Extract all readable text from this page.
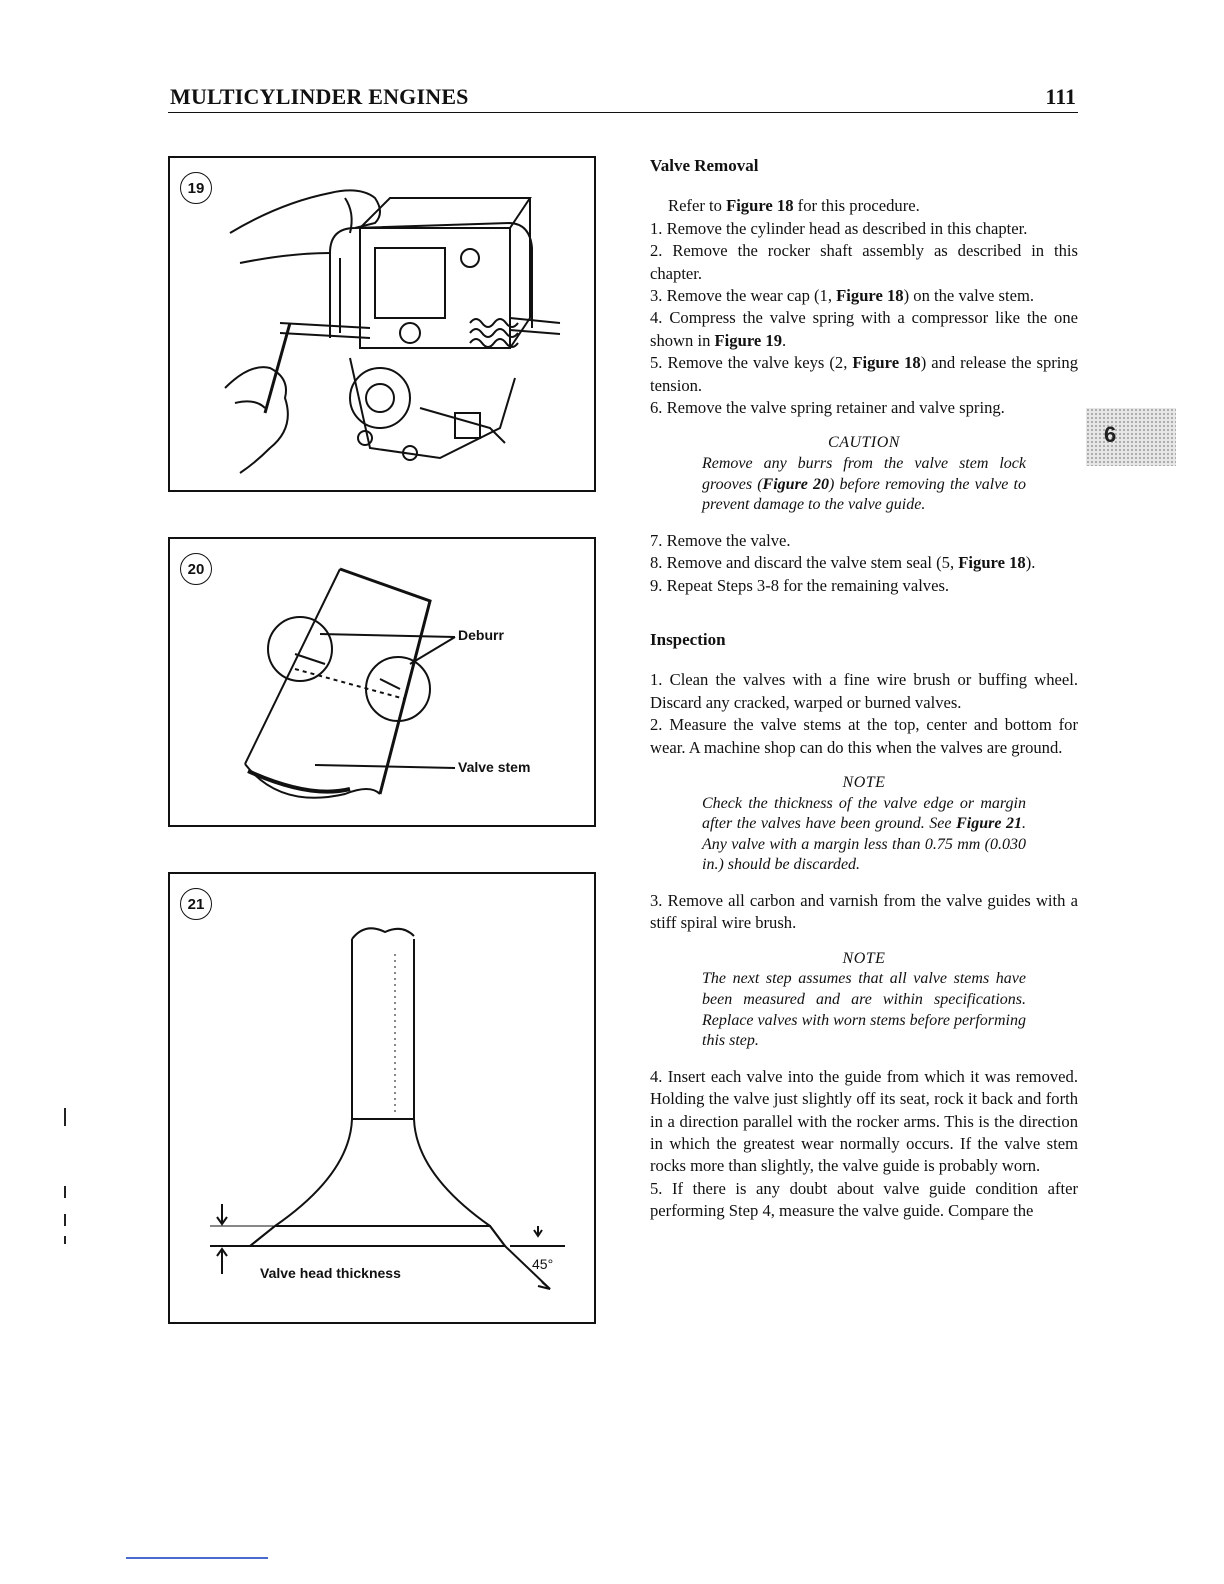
MULTICYLINDER ENGINES	111
19
20
Deburr
Valve stem
21
Valve head thickness
45°
6

Valve Removal

Refer to Figure 18 for this procedure.

1. Remove the cylinder head as described in this chapter.

2. Remove the rocker shaft assembly as described in this chapter.

3. Remove the wear cap (1, Figure 18) on the valve stem.

4. Compress the valve spring with a compressor like the one shown in Figure 19.

5. Remove the valve keys (2, Figure 18) and release the spring tension.

6. Remove the valve spring retainer and valve spring.

CAUTION
Remove any burrs from the valve stem lock grooves (Figure 20) before removing the valve to prevent damage to the valve guide.

7. Remove the valve.

8. Remove and discard the valve stem seal (5, Figure 18).

9. Repeat Steps 3-8 for the remaining valves.

Inspection

1. Clean the valves with a fine wire brush or buffing wheel. Discard any cracked, warped or burned valves.

2. Measure the valve stems at the top, center and bottom for wear. A machine shop can do this when the valves are ground.

NOTE
Check the thickness of the valve edge or margin after the valves have been ground. See Figure 21. Any valve with a margin less than 0.75 mm (0.030 in.) should be discarded.

3. Remove all carbon and varnish from the valve guides with a stiff spiral wire brush.

NOTE
The next step assumes that all valve stems have been measured and are within specifications. Replace valves with worn stems before performing this step.

4. Insert each valve into the guide from which it was removed. Holding the valve just slightly off its seat, rock it back and forth in a direction parallel with the rocker arms. This is the direction in which the greatest wear normally occurs. If the valve stem rocks more than slightly, the valve guide is probably worn.

5. If there is any doubt about valve guide condition after performing Step 4, measure the valve guide. Compare the
